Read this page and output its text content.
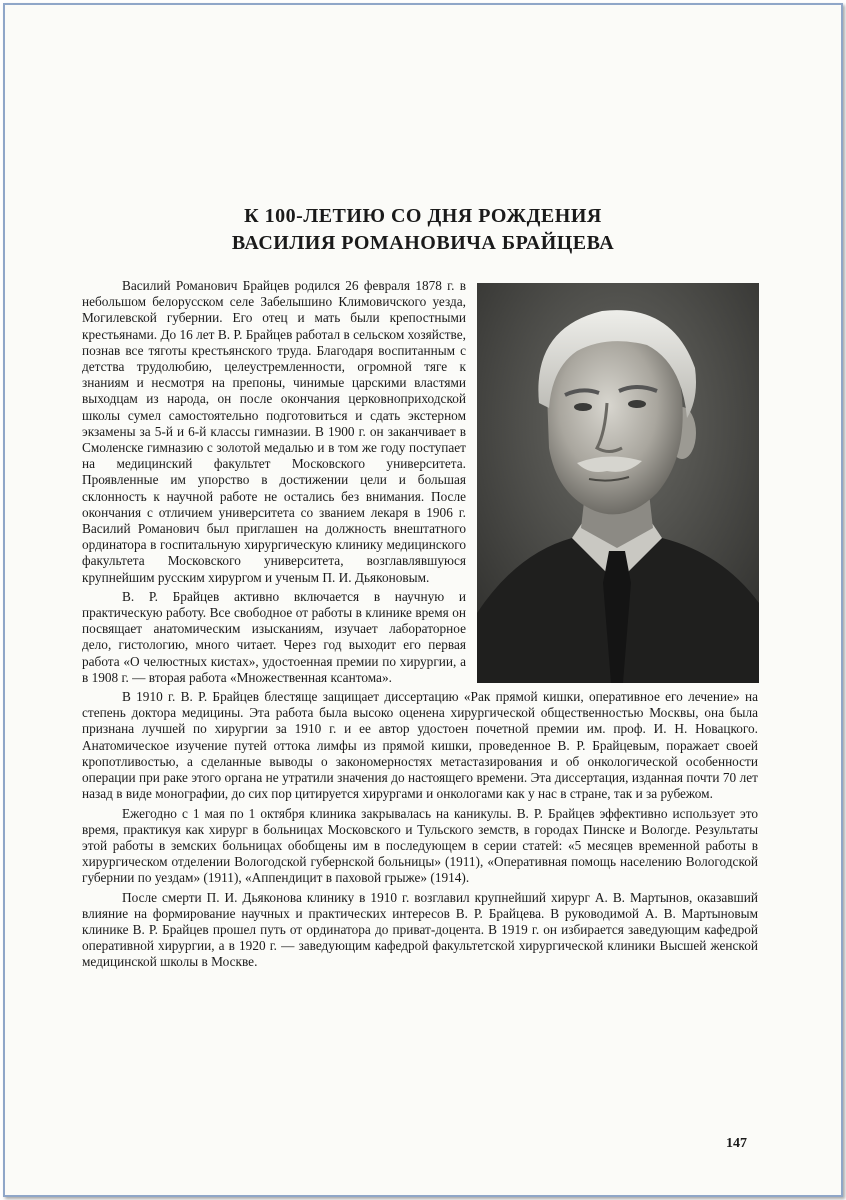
К 100-ЛЕТИЮ СО ДНЯ РОЖДЕНИЯ
ВАСИЛИЯ РОМАНОВИЧА БРАЙЦЕВА

Василий Романович Брайцев родился 26 февраля 1878 г. в небольшом белорусском селе Забелышино Климовичского уезда, Могилевской губернии. Его отец и мать были крепостными крестьянами. До 16 лет В. Р. Брайцев работал в сельском хозяйстве, познав все тяготы крестьянского труда. Благодаря воспитанным с детства трудолюбию, целеустремленности, огромной тяге к знаниям и несмотря на препоны, чинимые царскими властями выходцам из народа, он после окончания церковноприходской школы сумел самостоятельно подготовиться и сдать экстерном экзамены за 5-й и 6-й классы гимназии. В 1900 г. он заканчивает в Смоленске гимназию с золотой медалью и в том же году поступает на медицинский факультет Московского университета. Проявленные им упорство в достижении цели и большая склонность к научной работе не остались без внимания. После окончания с отличием университета со званием лекаря в 1906 г. Василий Романович был приглашен на должность внештатного ординатора в госпитальную хирургическую клинику медицинского факультета Московского университета, возглавлявшуюся крупнейшим русским хирургом и ученым П. И. Дьяконовым.

В. Р. Брайцев активно включается в научную и практическую работу. Все свободное от работы в клинике время он посвящает анатомическим изысканиям, изучает лабораторное дело, гистологию, много читает. Через год выходит его первая работа «О челюстных кистах», удостоенная премии по хирургии, а в 1908 г. — вторая работа «Множественная ксантома».

В 1910 г. В. Р. Брайцев блестяще защищает диссертацию «Рак прямой кишки, оперативное его лечение» на степень доктора медицины. Эта работа была высоко оценена хирургической общественностью Москвы, она была признана лучшей по хирургии за 1910 г. и ее автор удостоен почетной премии им. проф. И. Н. Новацкого. Анатомическое изучение путей оттока лимфы из прямой кишки, проведенное В. Р. Брайцевым, поражает своей кропотливостью, а сделанные выводы о закономерностях метастазирования и об онкологической особенности операции при раке этого органа не утратили значения до настоящего времени. Эта диссертация, изданная почти 70 лет назад в виде монографии, до сих пор цитируется хирургами и онкологами как у нас в стране, так и за рубежом.

Ежегодно с 1 мая по 1 октября клиника закрывалась на каникулы. В. Р. Брайцев эффективно использует это время, практикуя как хирург в больницах Московского и Тульского земств, в городах Пинске и Вологде. Результаты этой работы в земских больницах обобщены им в последующем в серии статей: «5 месяцев временной работы в хирургическом отделении Вологодской губернской больницы» (1911), «Оперативная помощь населению Вологодской губернии по уездам» (1911), «Аппендицит в паховой грыже» (1914).

После смерти П. И. Дьяконова клинику в 1910 г. возглавил крупнейший хирург А. В. Мартынов, оказавший влияние на формирование научных и практических интересов В. Р. Брайцева. В руководимой А. В. Мартыновым клинике В. Р. Брайцев прошел путь от ординатора до приват-доцента. В 1919 г. он избирается заведующим кафедрой оперативной хирургии, а в 1920 г. — заведующим кафедрой факультетской хирургической клиники Высшей женской медицинской школы в Москве.

147
